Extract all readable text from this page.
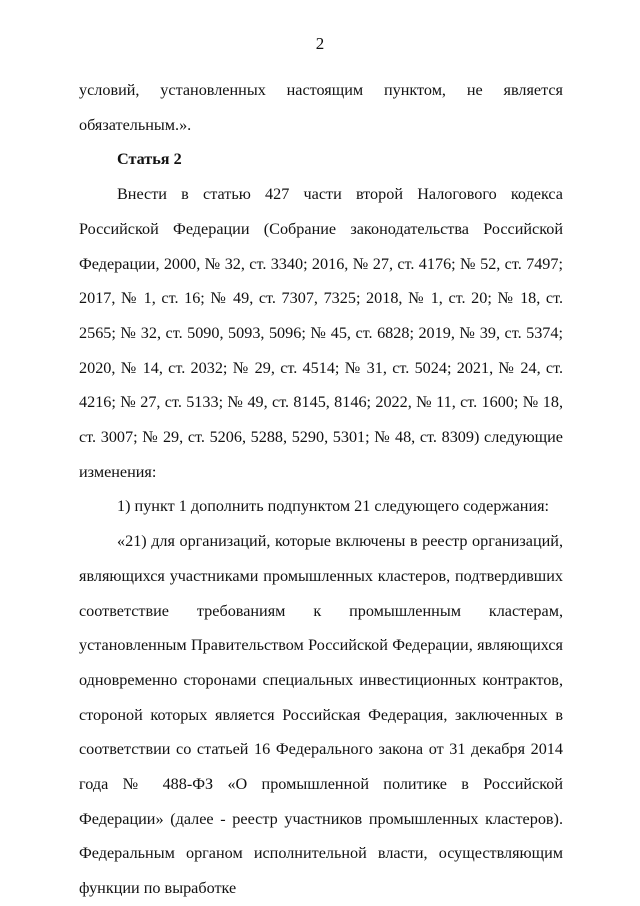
2

условий, установленных настоящим пунктом, не является обязательным.».

Статья 2

Внести в статью 427 части второй Налогового кодекса Российской Федерации (Собрание законодательства Российской Федерации, 2000, № 32, ст. 3340; 2016, № 27, ст. 4176; № 52, ст. 7497; 2017, № 1, ст. 16; № 49, ст. 7307, 7325; 2018, № 1, ст. 20; № 18, ст. 2565; № 32, ст. 5090, 5093, 5096; № 45, ст. 6828; 2019, № 39, ст. 5374; 2020, № 14, ст. 2032; № 29, ст. 4514; № 31, ст. 5024; 2021, № 24, ст. 4216; № 27, ст. 5133; № 49, ст. 8145, 8146; 2022, № 11, ст. 1600; № 18, ст. 3007; № 29, ст. 5206, 5288, 5290, 5301; № 48, ст. 8309) следующие изменения:

1) пункт 1 дополнить подпунктом 21 следующего содержания:

«21) для организаций, которые включены в реестр организаций, являющихся участниками промышленных кластеров, подтвердивших соответствие требованиям к промышленным кластерам, установленным Правительством Российской Федерации, являющихся одновременно сторонами специальных инвестиционных контрактов, стороной которых является Российская Федерация, заключенных в соответствии со статьей 16 Федерального закона от 31 декабря 2014 года № 488-ФЗ «О промышленной политике в Российской Федерации» (далее - реестр участников промышленных кластеров). Федеральным органом исполнительной власти, осуществляющим функции по выработке
